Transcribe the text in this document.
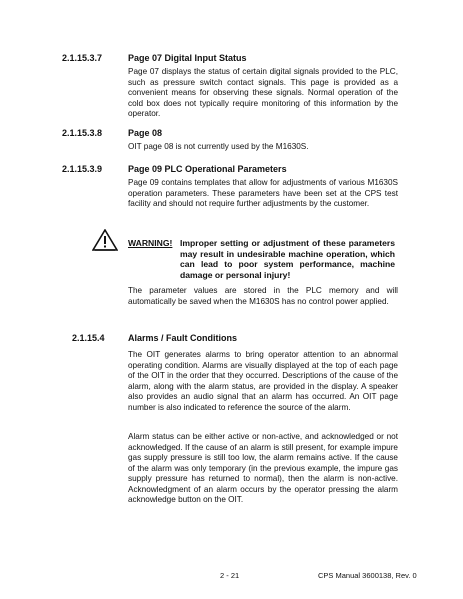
2.1.15.3.7	Page 07 Digital Input Status

Page 07 displays the status of certain digital signals provided to the PLC, such as pressure switch contact signals. This page is provided as a convenient means for observing these signals. Normal operation of the cold box does not typically require monitoring of this information by the operator.

2.1.15.3.8	Page 08

OIT page 08 is not currently used by the M1630S.

2.1.15.3.9	Page 09 PLC Operational Parameters

Page 09 contains templates that allow for adjustments of various M1630S operation parameters. These parameters have been set at the CPS test facility and should not require further adjustments by the customer.

WARNING! Improper setting or adjustment of these parameters may result in undesirable machine operation, which can lead to poor system performance, machine damage or personal injury!

The parameter values are stored in the PLC memory and will automatically be saved when the M1630S has no control power applied.

2.1.15.4	Alarms / Fault Conditions

The OIT generates alarms to bring operator attention to an abnormal operating condition. Alarms are visually displayed at the top of each page of the OIT in the order that they occurred. Descriptions of the cause of the alarm, along with the alarm status, are provided in the display. A speaker also provides an audio signal that an alarm has occurred. An OIT page number is also indicated to reference the source of the alarm.

Alarm status can be either active or non-active, and acknowledged or not acknowledged. If the cause of an alarm is still present, for example impure gas supply pressure is still too low, the alarm remains active. If the cause of the alarm was only temporary (in the previous example, the impure gas supply pressure has returned to normal), then the alarm is non-active. Acknowledgment of an alarm occurs by the operator pressing the alarm acknowledge button on the OIT.

2 - 21	CPS Manual 3600138, Rev. 0
